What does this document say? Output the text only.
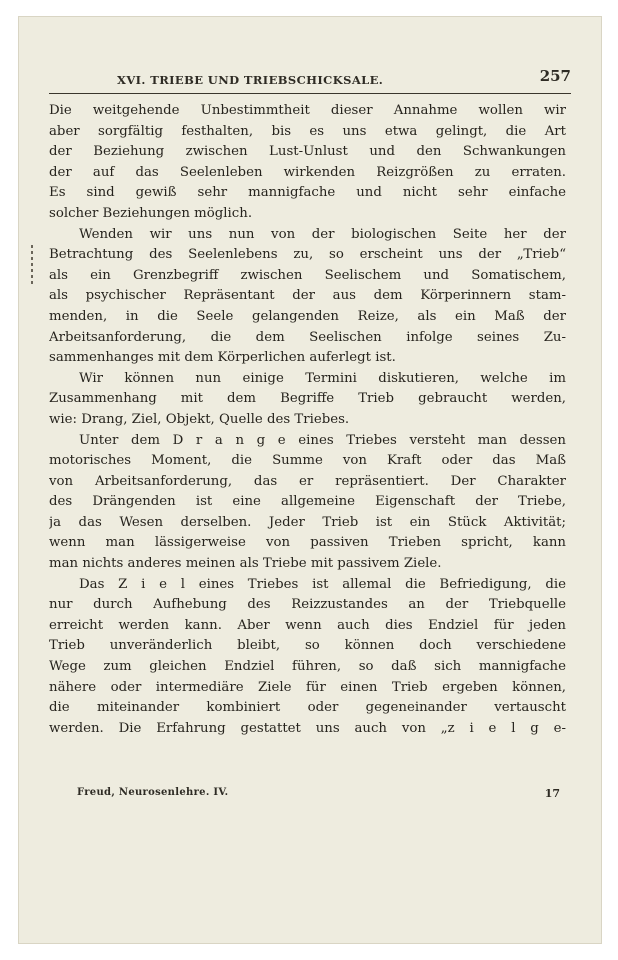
XVI. TRIEBE UND TRIEBSCHICKSALE.	257
Die weitgehende Unbestimmtheit dieser Annahme wollen wir
aber sorgfältig festhalten, bis es uns etwa gelingt, die Art
der Beziehung zwischen Lust-Unlust und den Schwankungen
der auf das Seelenleben wirkenden Reizgrößen zu erraten.
Es sind gewiß sehr mannigfache und nicht sehr einfache
solcher Beziehungen möglich.
Wenden wir uns nun von der biologischen Seite her der
Betrachtung des Seelenlebens zu, so erscheint uns der „Trieb“
als ein Grenzbegriff zwischen Seelischem und Somatischem,
als psychischer Repräsentant der aus dem Körperinnern stam-
menden, in die Seele gelangenden Reize, als ein Maß der
Arbeitsanforderung, die dem Seelischen infolge seines Zu-
sammenhanges mit dem Körperlichen auferlegt ist.
Wir können nun einige Termini diskutieren, welche im
Zusammenhang mit dem Begriffe Trieb gebraucht werden,
wie: Drang, Ziel, Objekt, Quelle des Triebes.
Unter dem D r a n g e eines Triebes versteht man dessen
motorisches Moment, die Summe von Kraft oder das Maß
von Arbeitsanforderung, das er repräsentiert. Der Charakter
des Drängenden ist eine allgemeine Eigenschaft der Triebe,
ja das Wesen derselben. Jeder Trieb ist ein Stück Aktivität;
wenn man lässigerweise von passiven Trieben spricht, kann
man nichts anderes meinen als Triebe mit passivem Ziele.
Das Z i e l eines Triebes ist allemal die Befriedigung, die
nur durch Aufhebung des Reizzustandes an der Triebquelle
erreicht werden kann. Aber wenn auch dies Endziel für jeden
Trieb unveränderlich bleibt, so können doch verschiedene
Wege zum gleichen Endziel führen, so daß sich mannigfache
nähere oder intermediäre Ziele für einen Trieb ergeben können,
die miteinander kombiniert oder gegeneinander vertauscht
werden. Die Erfahrung gestattet uns auch von „z i e l g e-
Freud, Neurosenlehre. IV.	17
